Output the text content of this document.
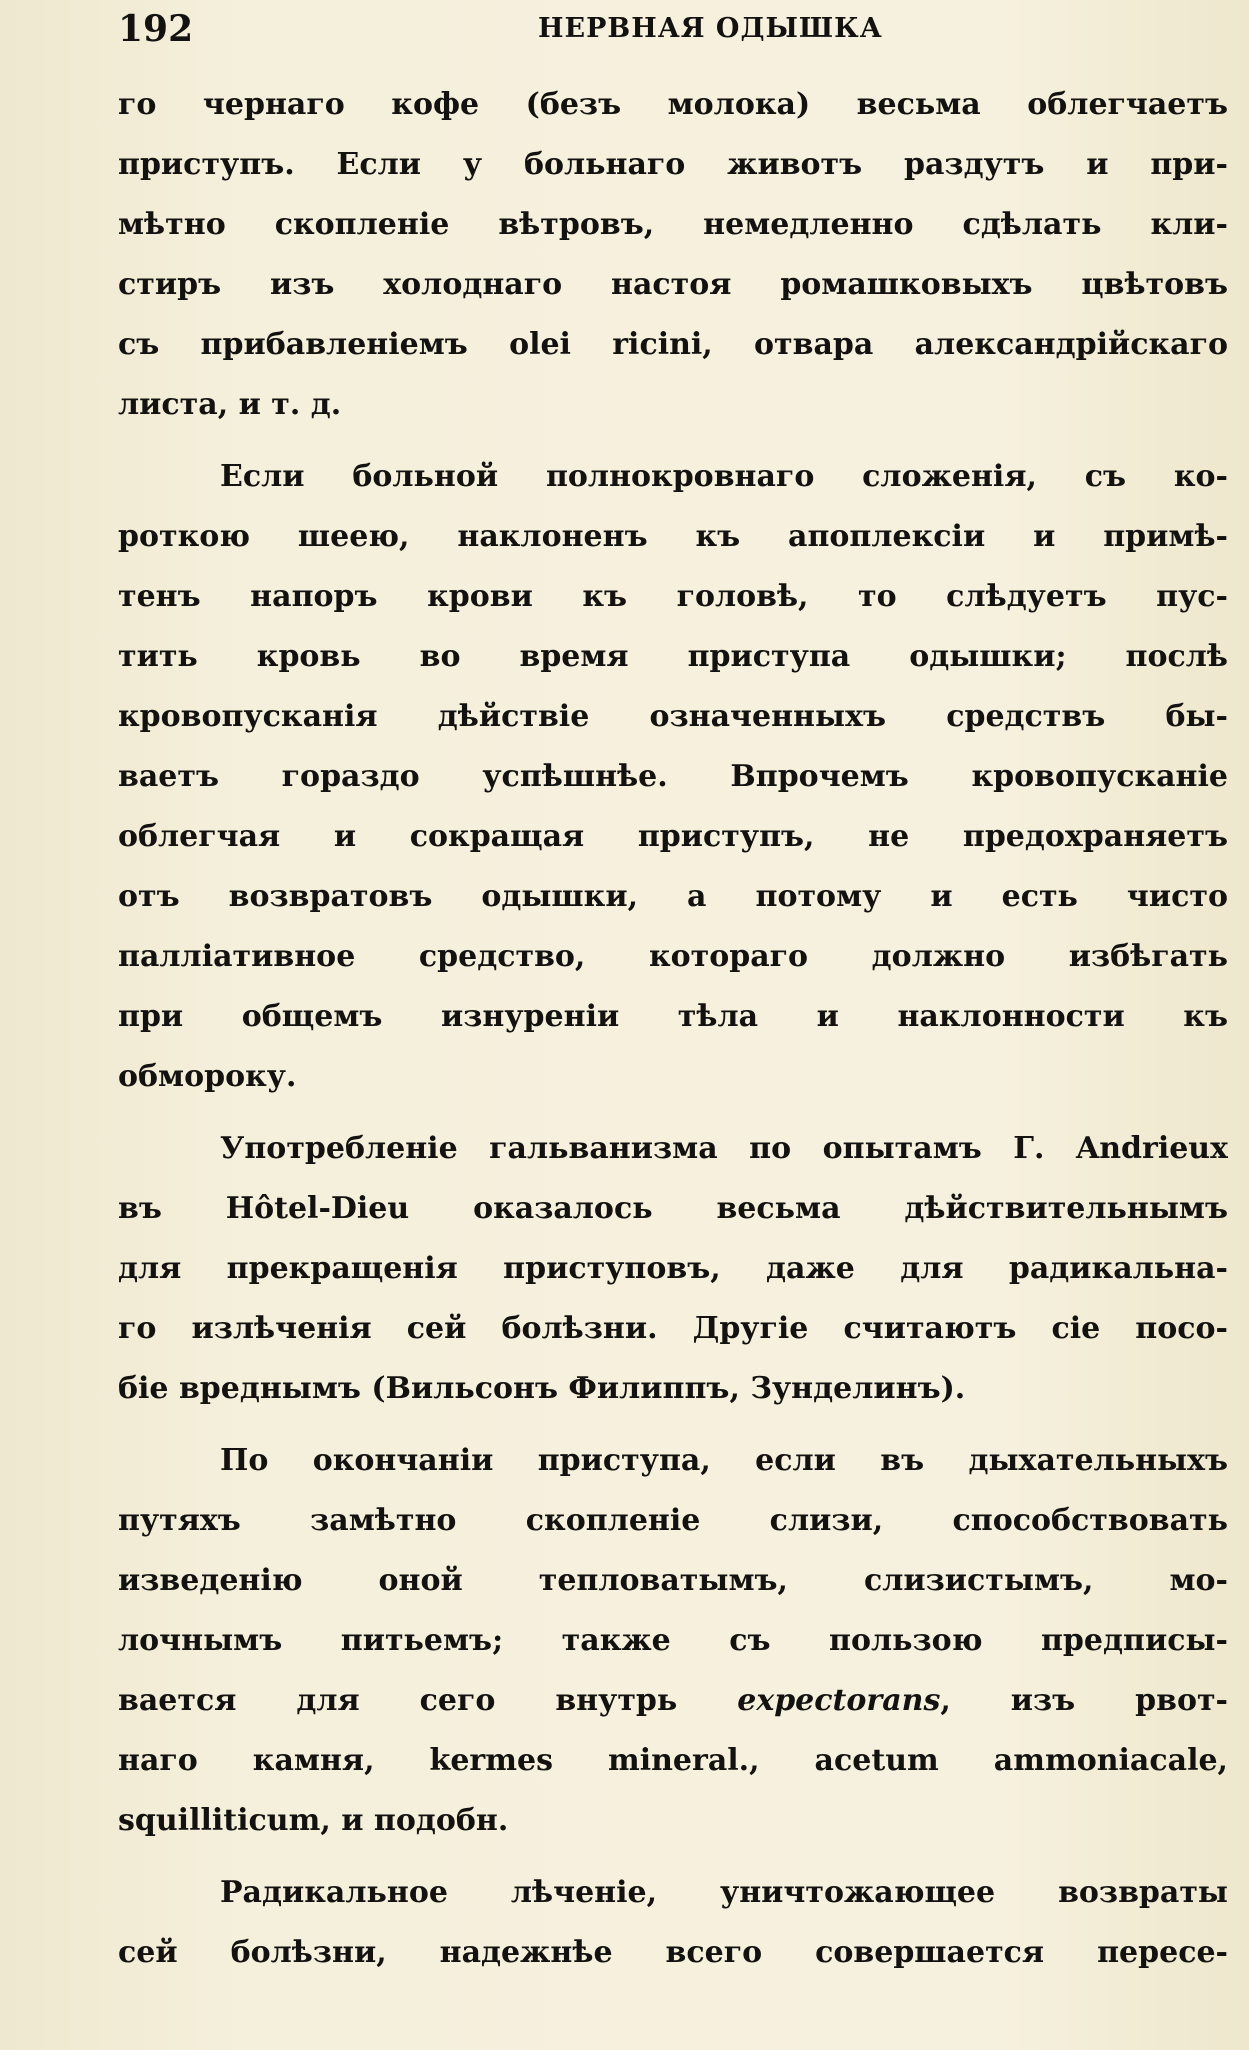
192	НЕРВНАЯ ОДЫШКА
го чернаго кофе (безъ молока) весьма облегчаетъ
приступъ. Если у больнаго животъ раздутъ и при-
мѣтно скопленіе вѣтровъ, немедленно сдѣлать кли-
стиръ изъ холоднаго настоя ромашковыхъ цвѣтовъ
съ прибавленіемъ olei ricini, отвара александрійскаго
листа, и т. д.
Если больной полнокровнаго сложенія, съ ко-
роткою шеею, наклоненъ къ апоплексіи и примѣ-
тенъ напоръ крови къ головѣ, то слѣдуетъ пус-
тить кровь во время приступа одышки; послѣ
кровопусканія дѣйствіе означенныхъ средствъ бы-
ваетъ гораздо успѣшнѣе. Впрочемъ кровопусканіе
облегчая и сокращая приступъ, не предохраняетъ
отъ возвратовъ одышки, а потому и есть чисто
палліативное средство, котораго должно избѣгать
при общемъ изнуреніи тѣла и наклонности къ
обмороку.
Употребленіе гальванизма по опытамъ Г. Andrieux
въ Hôtel-Dieu оказалось весьма дѣйствительнымъ
для прекращенія приступовъ, даже для радикальна-
го излѣченія сей болѣзни. Другіе считаютъ сіе посо-
біе вреднымъ (Вильсонъ Филиппъ, Зунделинъ).
По окончаніи приступа, если въ дыхательныхъ
путяхъ замѣтно скопленіе слизи, способствовать
изведенію оной тепловатымъ, слизистымъ, мо-
лочнымъ питьемъ; также съ пользою предписы-
вается для сего внутрь expectorans, изъ рвот-
наго камня, kermes mineral., acetum ammoniacale,
squilliticum, и подобн.
Радикальное лѣченіе, уничтожающее возвраты
сей болѣзни, надежнѣе всего совершается пересе-
